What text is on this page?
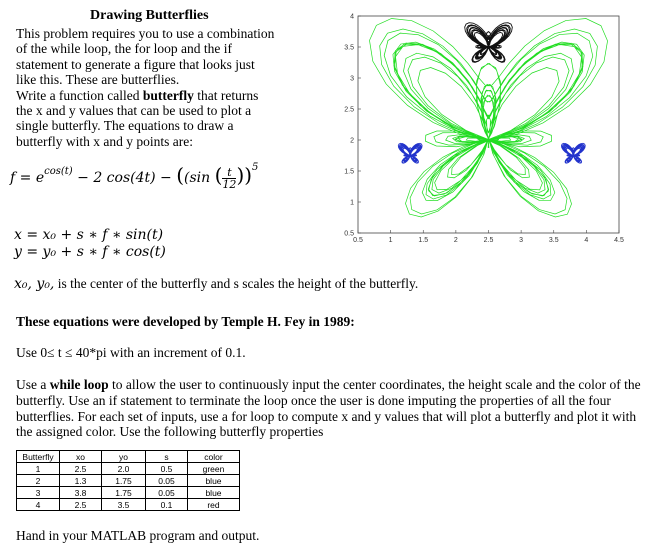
Drawing Butterflies
This problem requires you to use a combination
of the while loop, the for loop and the if
statement to generate a figure that looks just
like this. These are butterflies.
Write a function called butterfly that returns
the x and y values that can be used to plot a
single butterfly. The equations to draw a
butterfly with x and y points are:
$f = e^{cos(t)} - 2$ cos(4t) − ((sin ( $\frac{t}{12} ))^5$
x = x₀ + s ∗ f ∗ sin(t)
y = y₀ + s ∗ f ∗ cos(t)
0.5	1	1.5	2	2.5	3	3.5	4	4.5
0.5
1
1.5
2
2.5
3
3.5
4
x₀, y₀, is the center of the butterfly and s scales the height of the butterfly.
These equations were developed by Temple H. Fey in 1989:
Use 0≤ t ≤ 40*pi with an increment of 0.1.
Use a while loop to allow the user to continuously input the center coordinates, the height scale and the color of the butterfly. Use an if statement to terminate the loop once the user is done imputing the properties of all the four butterflies. For each set of inputs, use a for loop to compute x and y values that will plot a butterfly and plot it with the assigned color. Use the following butterfly properties
Butterfly	xo	yo	s	color
1	2.5	2.0	0.5	green
2	1.3	1.75	0.05	blue
3	3.8	1.75	0.05	blue
4	2.5	3.5	0.1	red
Hand in your MATLAB program and output.
